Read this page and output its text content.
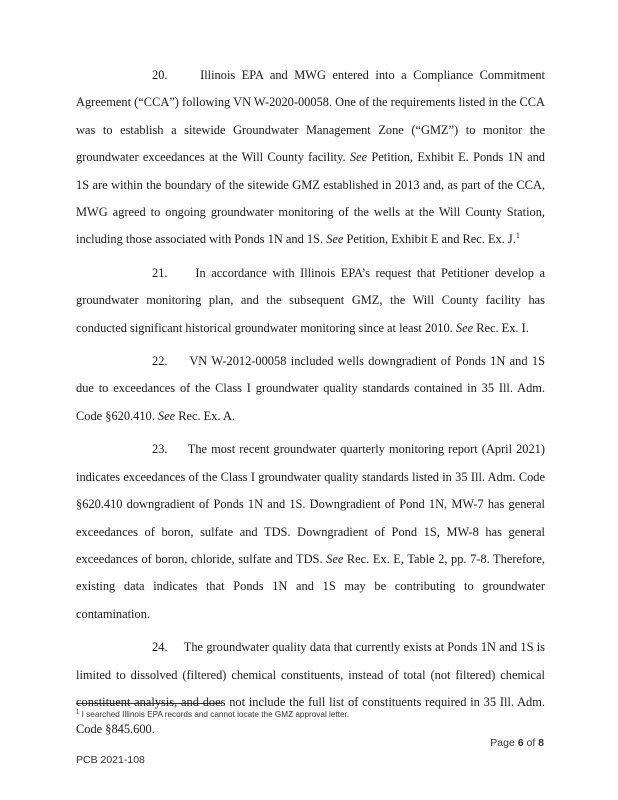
20.	Illinois EPA and MWG entered into a Compliance Commitment Agreement (“CCA”) following VN W-2020-00058. One of the requirements listed in the CCA was to establish a sitewide Groundwater Management Zone (“GMZ”) to monitor the groundwater exceedances at the Will County facility. See Petition, Exhibit E. Ponds 1N and 1S are within the boundary of the sitewide GMZ established in 2013 and, as part of the CCA, MWG agreed to ongoing groundwater monitoring of the wells at the Will County Station, including those associated with Ponds 1N and 1S. See Petition, Exhibit E and Rec. Ex. J.$^1$

21. In accordance with Illinois EPA’s request that Petitioner develop a groundwater monitoring plan, and the subsequent GMZ, the Will County facility has conducted significant historical groundwater monitoring since at least 2010. See Rec. Ex. I.

22. VN W-2012-00058 included wells downgradient of Ponds 1N and 1S due to exceedances of the Class I groundwater quality standards contained in 35 Ill. Adm. Code §620.410. See Rec. Ex. A.

23. The most recent groundwater quarterly monitoring report (April 2021) indicates exceedances of the Class I groundwater quality standards listed in 35 Ill. Adm. Code §620.410 downgradient of Ponds 1N and 1S. Downgradient of Pond 1N, MW-7 has general exceedances of boron, sulfate and TDS. Downgradient of Pond 1S, MW-8 has general exceedances of boron, chloride, sulfate and TDS. See Rec. Ex. E, Table 2, pp. 7-8. Therefore, existing data indicates that Ponds 1N and 1S may be contributing to groundwater contamination.

24. The groundwater quality data that currently exists at Ponds 1N and 1S is limited to dissolved (filtered) chemical constituents, instead of total (not filtered) chemical constituent analysis, and does not include the full list of constituents required in 35 Ill. Adm. Code §845.600.

$^1$ I searched Illinois EPA records and cannot locate the GMZ approval letter.
Page 6 of 8
PCB 2021-108
